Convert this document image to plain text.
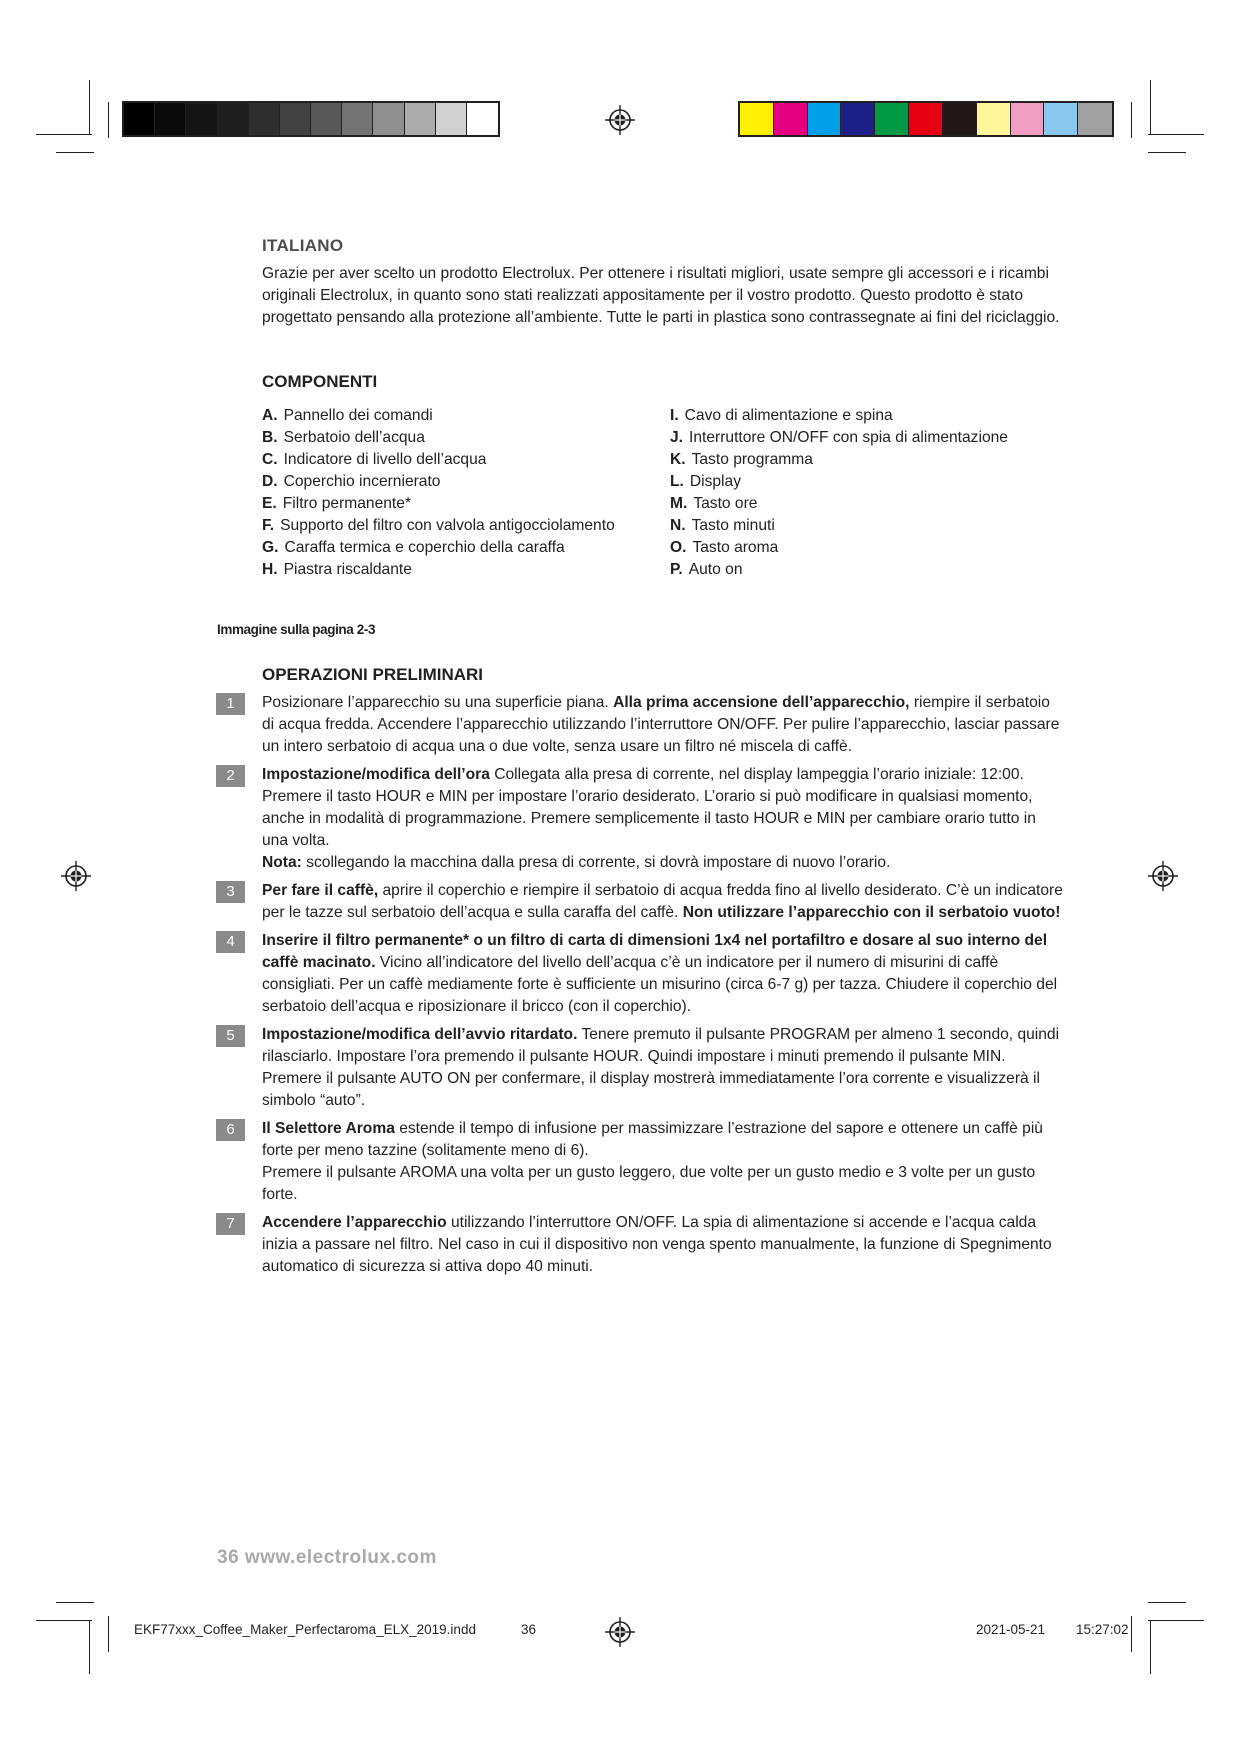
ITALIANO

Grazie per aver scelto un prodotto Electrolux. Per ottenere i risultati migliori, usate sempre gli accessori e i ricambi originali Electrolux, in quanto sono stati realizzati appositamente per il vostro prodotto. Questo prodotto è stato progettato pensando alla protezione all’ambiente. Tutte le parti in plastica sono contrassegnate ai fini del riciclaggio.

COMPONENTI
A. Pannello dei comandi
B. Serbatoio dell’acqua
C. Indicatore di livello dell’acqua
D. Coperchio incernierato
E. Filtro permanente*
F. Supporto del filtro con valvola antigocciolamento
G. Caraffa termica e coperchio della caraffa
H. Piastra riscaldante
I. Cavo di alimentazione e spina
J. Interruttore ON/OFF con spia di alimentazione
K. Tasto programma
L. Display
M. Tasto ore
N. Tasto minuti
O. Tasto aroma
P. Auto on
Immagine sulla pagina 2-3
OPERAZIONI PRELIMINARI
1	Posizionare l’apparecchio su una superficie piana. Alla prima accensione dell’apparecchio, riempire il serbatoio di acqua fredda. Accendere l’apparecchio utilizzando l’interruttore ON/OFF. Per pulire l’apparecchio, lasciar passare un intero serbatoio di acqua una o due volte, senza usare un filtro né miscela di caffè.

2	Impostazione/modifica dell’ora Collegata alla presa di corrente, nel display lampeggia l’orario iniziale: 12:00. Premere il tasto HOUR e MIN per impostare l’orario desiderato. L’orario si può modificare in qualsiasi momento, anche in modalità di programmazione. Premere semplicemente il tasto HOUR e MIN per cambiare orario tutto in una volta.

Nota: scollegando la macchina dalla presa di corrente, si dovrà impostare di nuovo l’orario.

3	Per fare il caffè, aprire il coperchio e riempire il serbatoio di acqua fredda fino al livello desiderato. C’è un indicatore per le tazze sul serbatoio dell’acqua e sulla caraffa del caffè. Non utilizzare l’apparecchio con il serbatoio vuoto!

4	Inserire il filtro permanente* o un filtro di carta di dimensioni 1x4 nel portafiltro e dosare al suo interno del caffè macinato. Vicino all’indicatore del livello dell’acqua c’è un indicatore per il numero di misurini di caffè consigliati. Per un caffè mediamente forte è sufficiente un misurino (circa 6-7 g) per tazza. Chiudere il coperchio del serbatoio dell’acqua e riposizionare il bricco (con il coperchio).

5	Impostazione/modifica dell’avvio ritardato. Tenere premuto il pulsante PROGRAM per almeno 1 secondo, quindi rilasciarlo. Impostare l’ora premendo il pulsante HOUR. Quindi impostare i minuti premendo il pulsante MIN. Premere il pulsante AUTO ON per confermare, il display mostrerà immediatamente l’ora corrente e visualizzerà il simbolo “auto”.

6	Il Selettore Aroma estende il tempo di infusione per massimizzare l’estrazione del sapore e ottenere un caffè più forte per meno tazzine (solitamente meno di 6).

Premere il pulsante AROMA una volta per un gusto leggero, due volte per un gusto medio e 3 volte per un gusto forte.

7	Accendere l’apparecchio utilizzando l’interruttore ON/OFF. La spia di alimentazione si accende e l’acqua calda inizia a passare nel filtro. Nel caso in cui il dispositivo non venga spento manualmente, la funzione di Spegnimento automatico di sicurezza si attiva dopo 40 minuti.

36 www.electrolux.com
EKF77xxx_Coffee_Maker_Perfectaroma_ELX_2019.indd	36	2021-05-21 15:27:02
